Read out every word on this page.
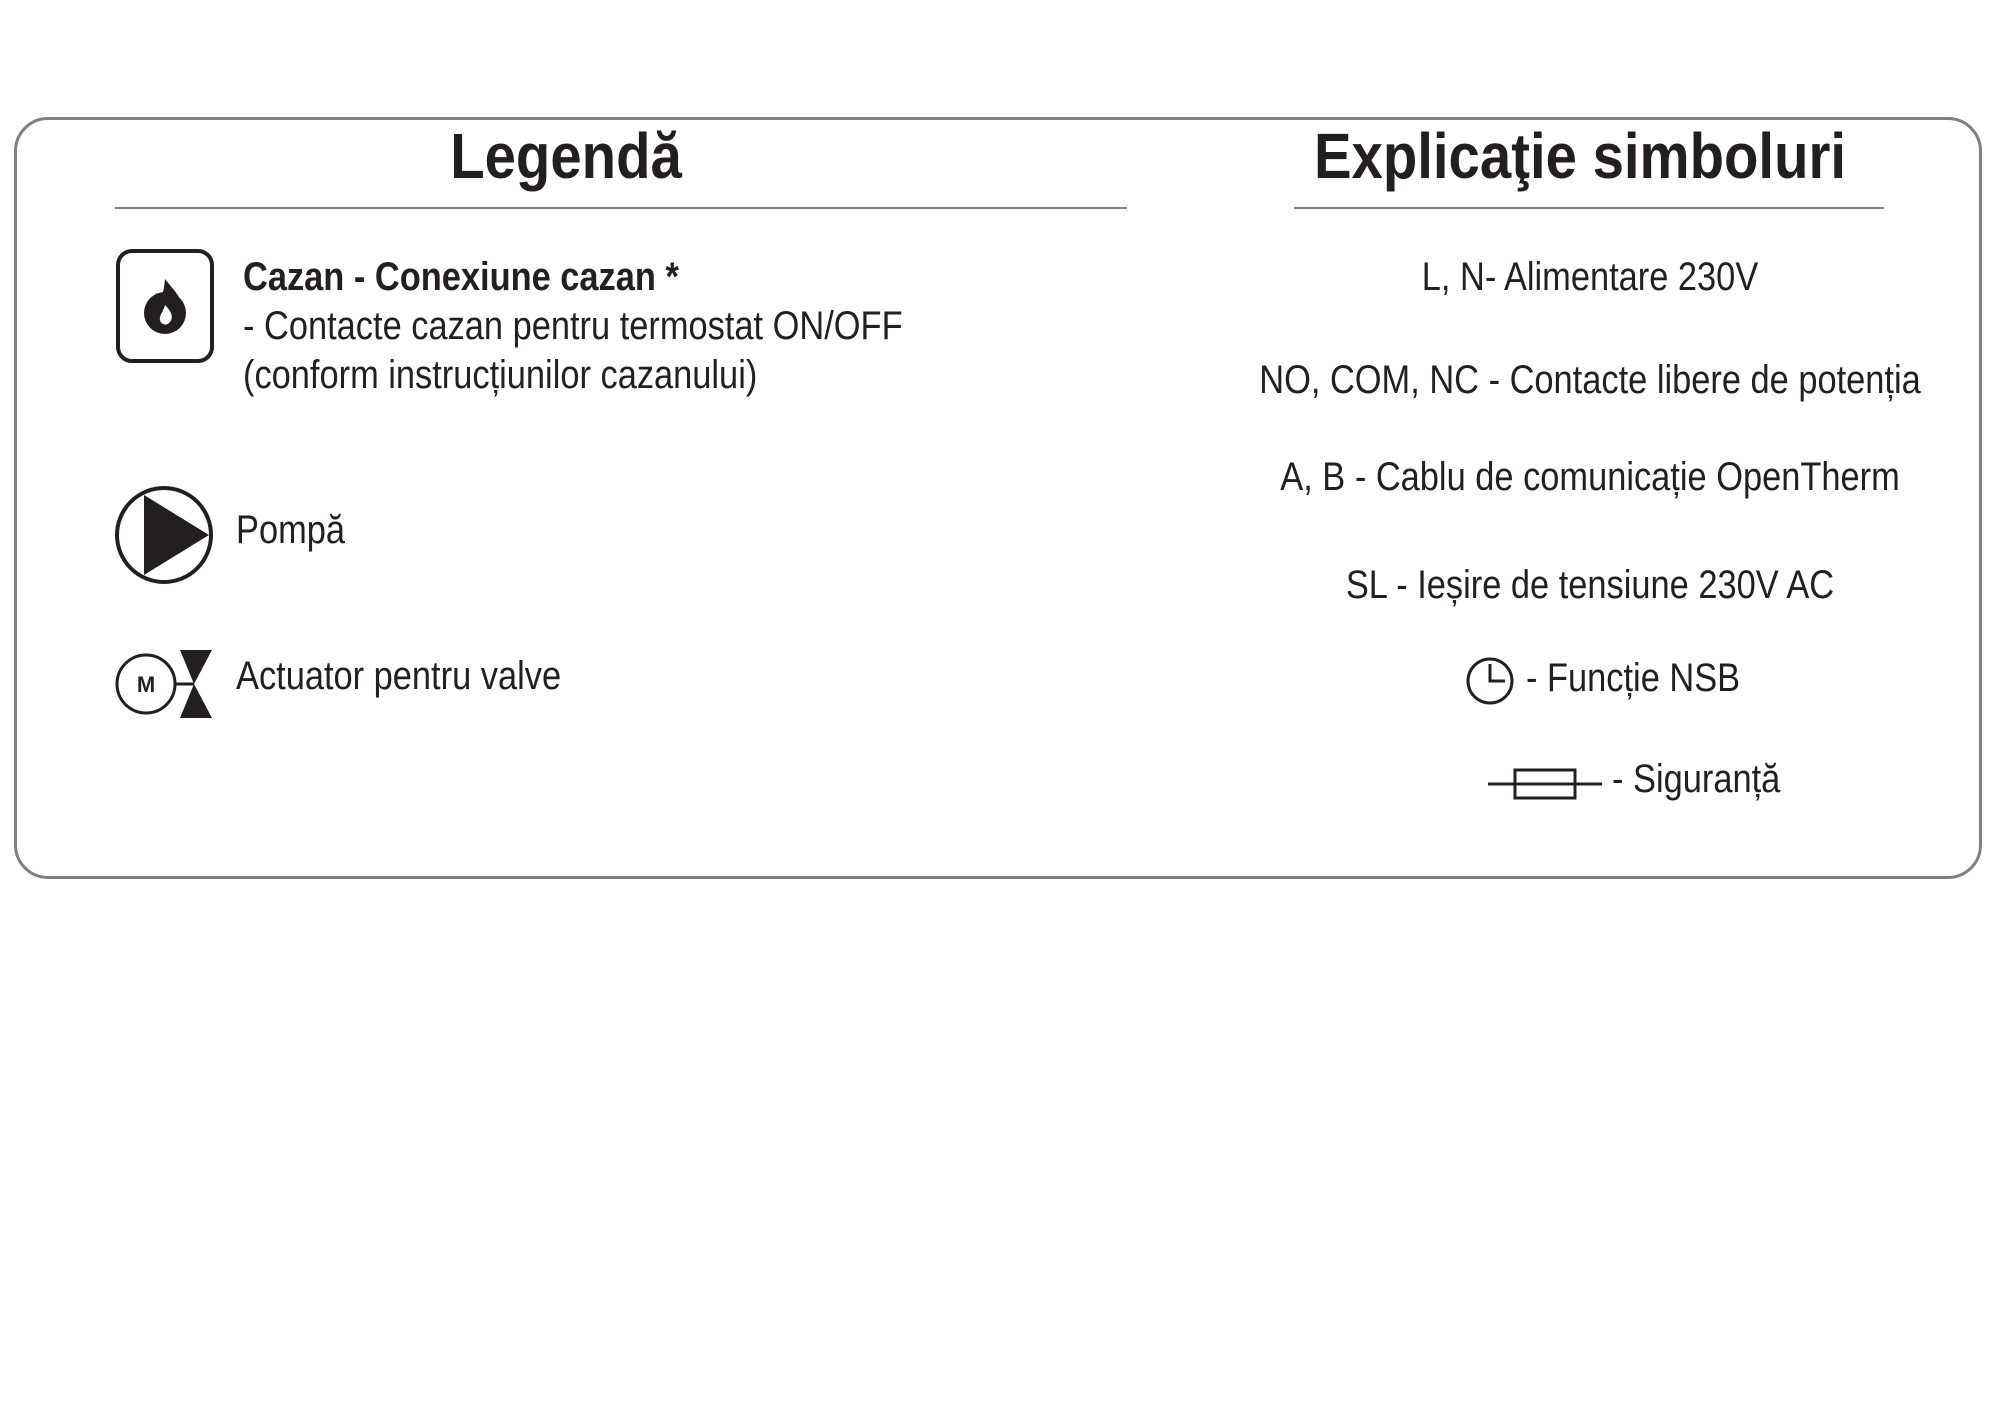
Legendă
Cazan - Conexiune cazan *
- Contacte cazan pentru termostat ON/OFF
(conform instrucțiunilor cazanului)
Pompă
M Actuator pentru valve
Explicaţie simboluri
L, N- Alimentare 230V
NO, COM, NC - Contacte libere de potenția
A, B - Cablu de comunicație OpenTherm
SL - Ieșire de tensiune 230V AC
- Funcție NSB
- Siguranță
